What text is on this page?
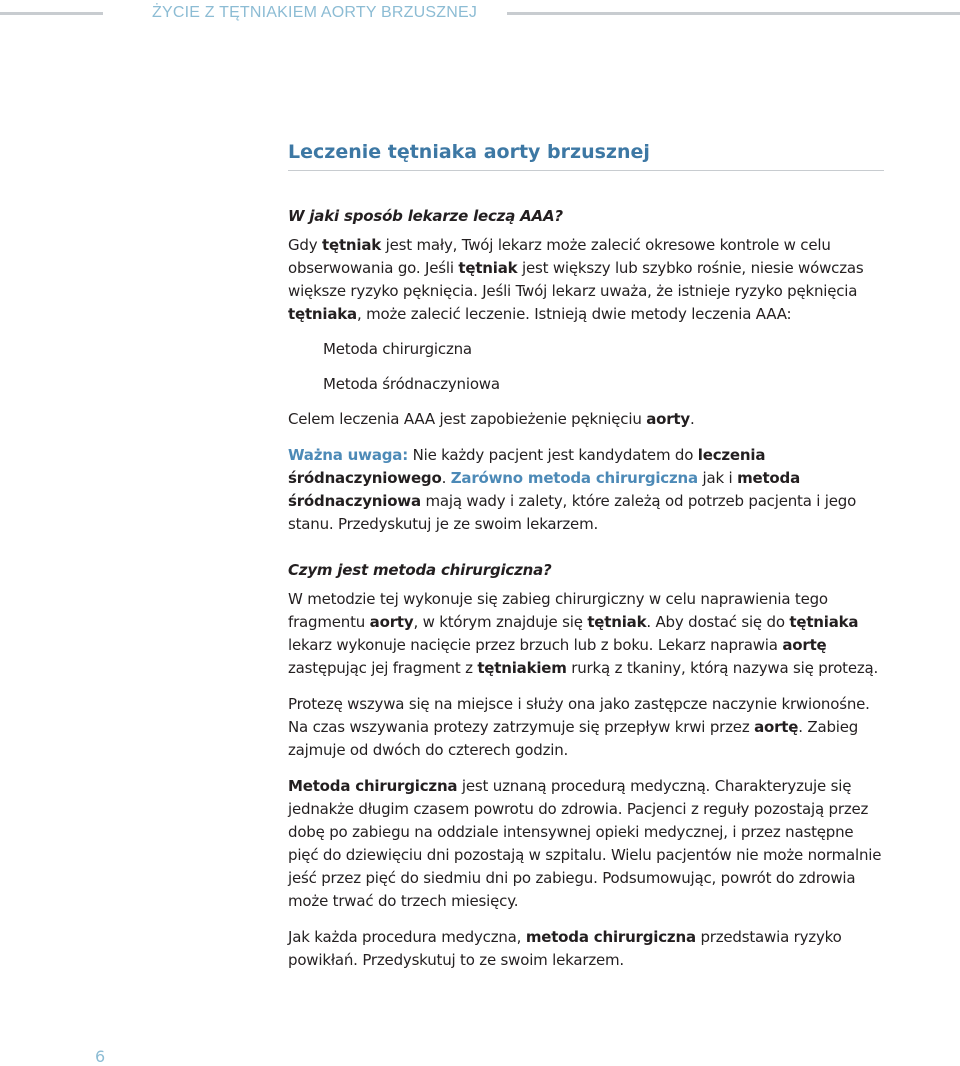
ŻYCIE Z TĘTNIAKIEM AORTY BRZUSZNEJ
Leczenie tętniaka aorty brzusznej

W jaki sposób lekarze leczą AAA?

Gdy tętniak jest mały, Twój lekarz może zalecić okresowe kontrole w celu obserwowania go. Jeśli tętniak jest większy lub szybko rośnie, niesie wówczas większe ryzyko pęknięcia. Jeśli Twój lekarz uważa, że istnieje ryzyko pęknięcia tętniaka, może zalecić leczenie. Istnieją dwie metody leczenia AAA:

Metoda chirurgiczna

Metoda śródnaczyniowa

Celem leczenia AAA jest zapobieżenie pęknięciu aorty.

Ważna uwaga: Nie każdy pacjent jest kandydatem do leczenia śródnaczyniowego. Zarówno metoda chirurgiczna jak i metoda śródnaczyniowa mają wady i zalety, które zależą od potrzeb pacjenta i jego stanu. Przedyskutuj je ze swoim lekarzem.

Czym jest metoda chirurgiczna?

W metodzie tej wykonuje się zabieg chirurgiczny w celu naprawienia tego fragmentu aorty, w którym znajduje się tętniak. Aby dostać się do tętniaka lekarz wykonuje nacięcie przez brzuch lub z boku. Lekarz naprawia aortę zastępując jej fragment z tętniakiem rurką z tkaniny, którą nazywa się protezą.

Protezę wszywa się na miejsce i służy ona jako zastępcze naczynie krwionośne. Na czas wszywania protezy zatrzymuje się przepływ krwi przez aortę. Zabieg zajmuje od dwóch do czterech godzin.

Metoda chirurgiczna jest uznaną procedurą medyczną. Charakteryzuje się jednakże długim czasem powrotu do zdrowia. Pacjenci z reguły pozostają przez dobę po zabiegu na oddziale intensywnej opieki medycznej, i przez następne pięć do dziewięciu dni pozostają w szpitalu. Wielu pacjentów nie może normalnie jeść przez pięć do siedmiu dni po zabiegu. Podsumowując, powrót do zdrowia może trwać do trzech miesięcy.

Jak każda procedura medyczna, metoda chirurgiczna przedstawia ryzyko powikłań. Przedyskutuj to ze swoim lekarzem.

6
